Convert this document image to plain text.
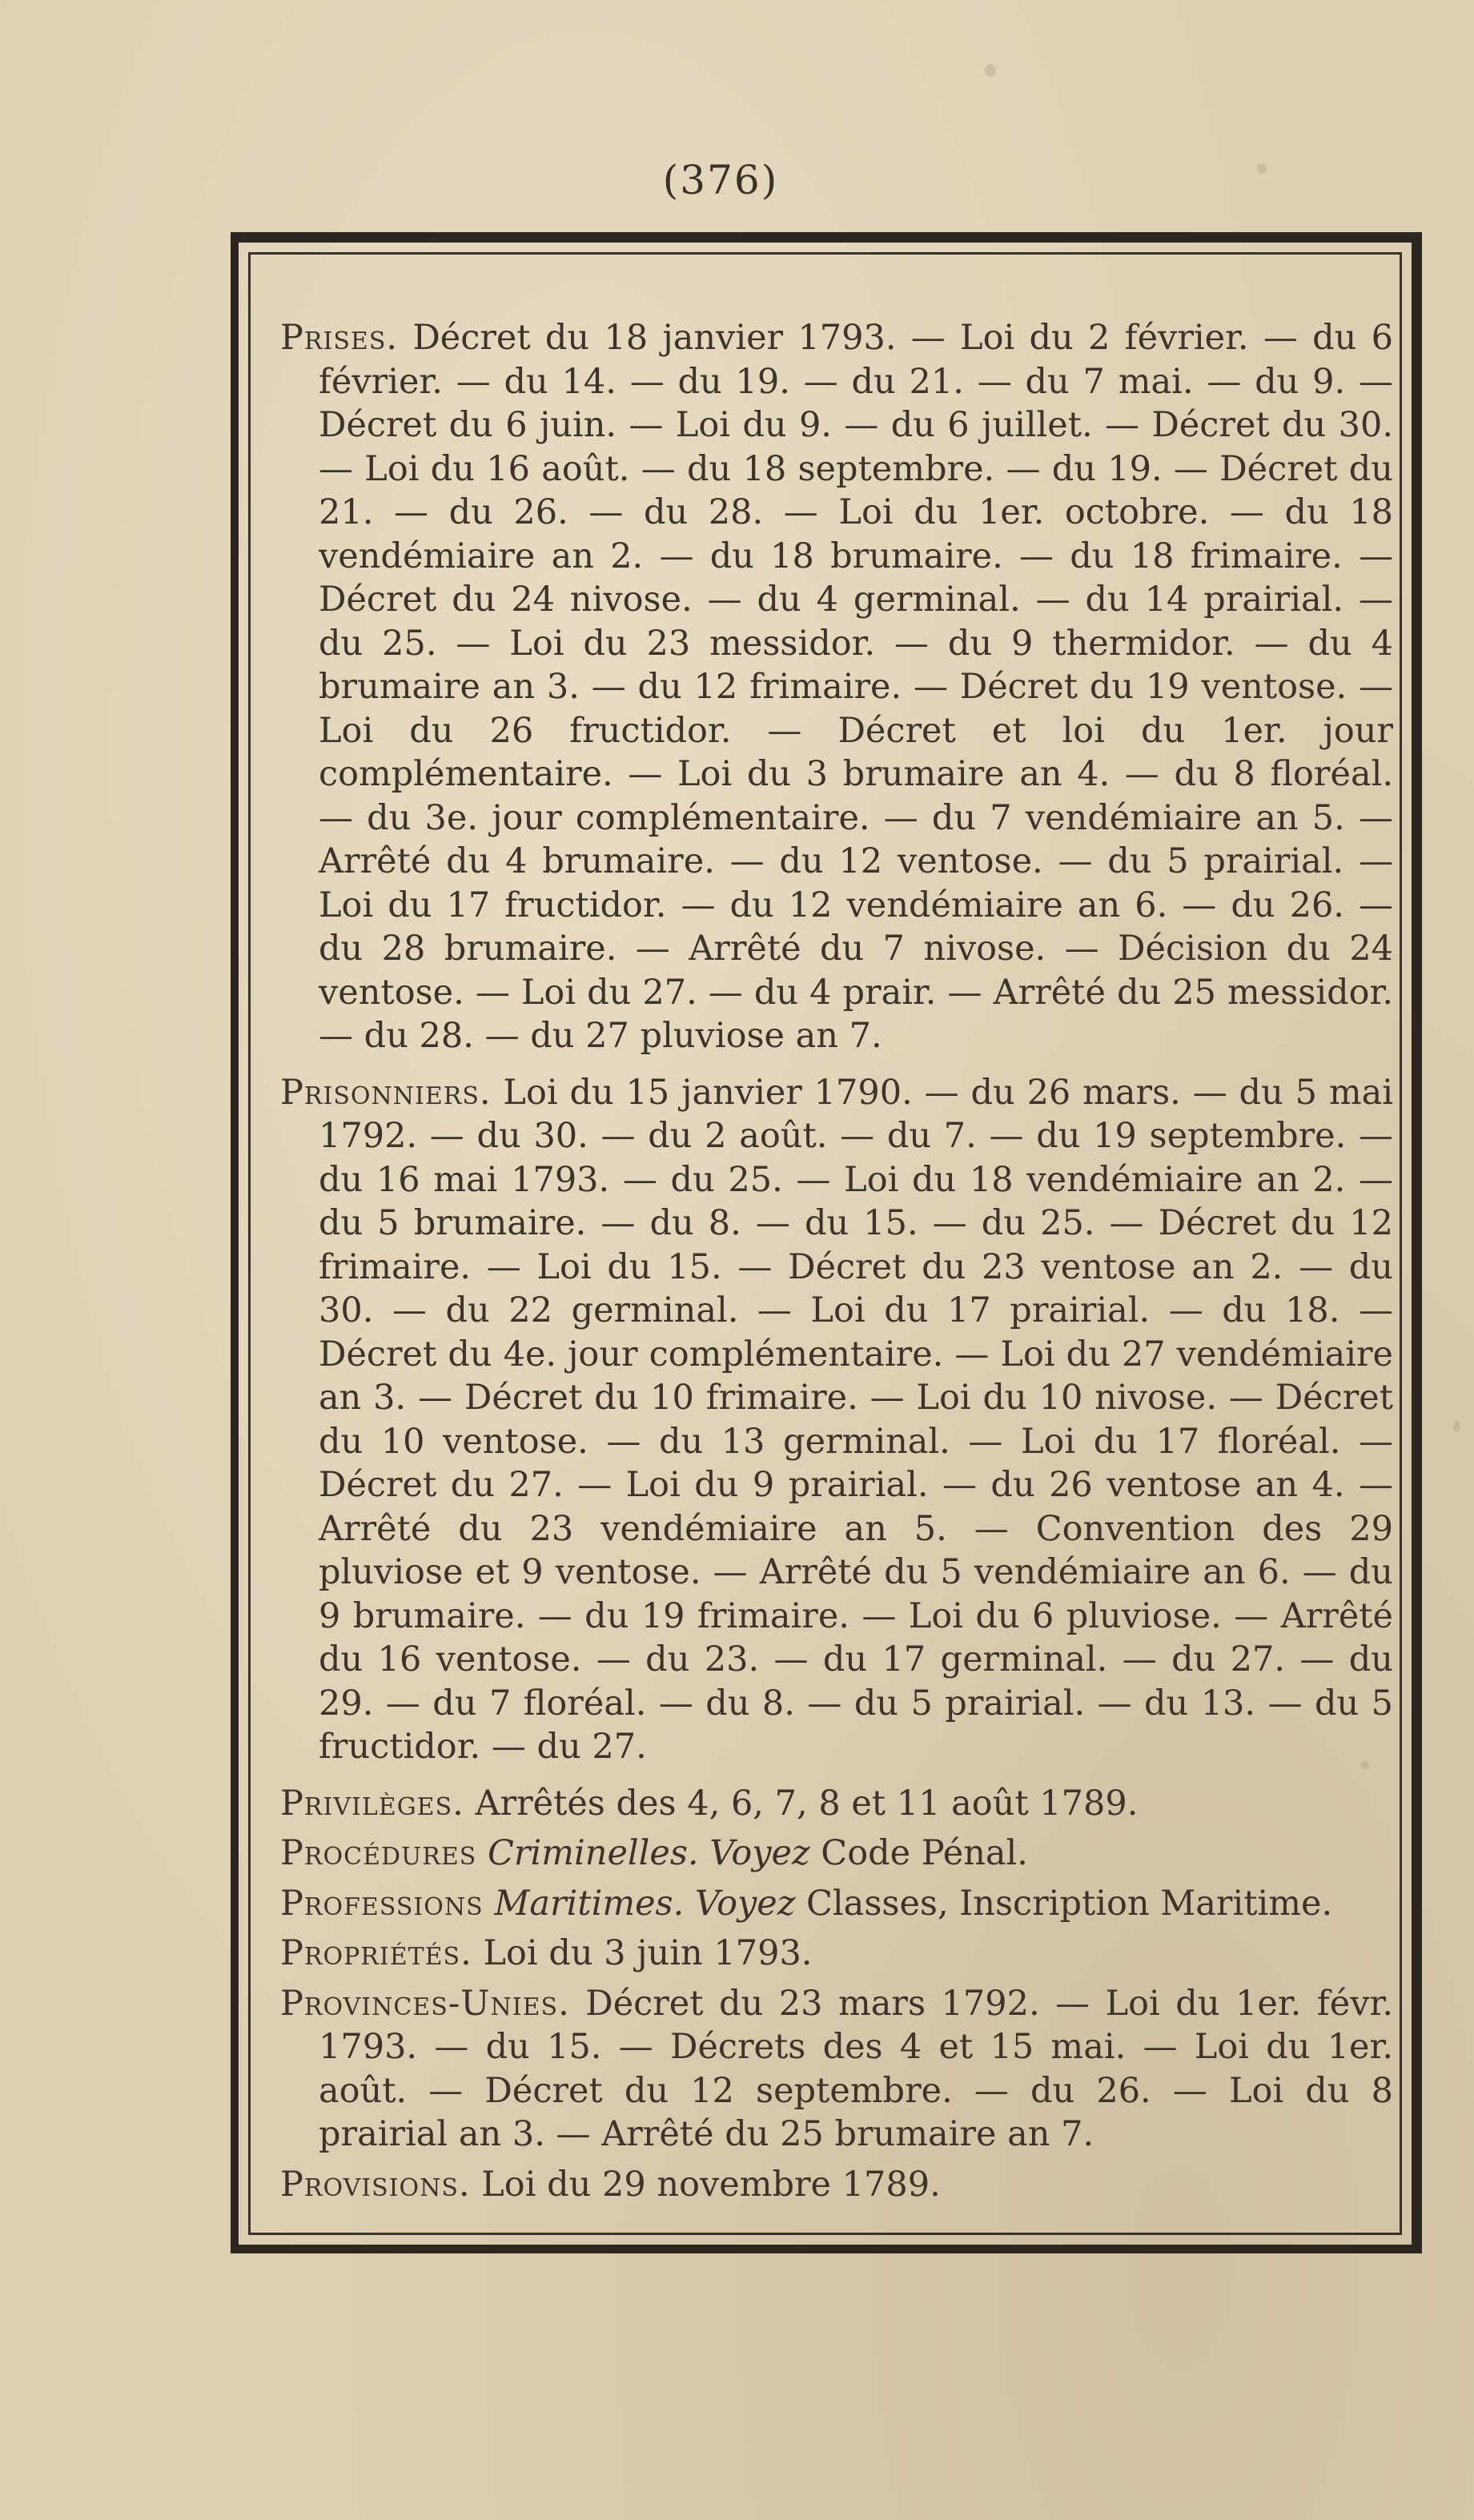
(376)

Prises. Décret du 18 janvier 1793. — Loi du 2 février. — du 6 février. — du 14. — du 19. — du 21. — du 7 mai. — du 9. — Décret du 6 juin. — Loi du 9. — du 6 juillet. — Décret du 30. — Loi du 16 août. — du 18 septembre. — du 19. — Décret du 21. — du 26. — du 28. — Loi du 1er. octobre. — du 18 vendémiaire an 2. — du 18 brumaire. — du 18 frimaire. — Décret du 24 nivose. — du 4 germinal. — du 14 prairial. — du 25. — Loi du 23 messidor. — du 9 thermidor. — du 4 brumaire an 3. — du 12 frimaire. — Décret du 19 ventose. — Loi du 26 fructidor. — Décret et loi du 1er. jour complémentaire. — Loi du 3 brumaire an 4. — du 8 floréal. — du 3e. jour complémentaire. — du 7 vendémiaire an 5. — Arrêté du 4 brumaire. — du 12 ventose. — du 5 prairial. — Loi du 17 fructidor. — du 12 vendémiaire an 6. — du 26. — du 28 brumaire. — Arrêté du 7 nivose. — Décision du 24 ventose. — Loi du 27. — du 4 prair. — Arrêté du 25 messidor. — du 28. — du 27 pluviose an 7.

Prisonniers. Loi du 15 janvier 1790. — du 26 mars. — du 5 mai 1792. — du 30. — du 2 août. — du 7. — du 19 septembre. — du 16 mai 1793. — du 25. — Loi du 18 vendémiaire an 2. — du 5 brumaire. — du 8. — du 15. — du 25. — Décret du 12 frimaire. — Loi du 15. — Décret du 23 ventose an 2. — du 30. — du 22 germinal. — Loi du 17 prairial. — du 18. — Décret du 4e. jour complémentaire. — Loi du 27 vendémiaire an 3. — Décret du 10 frimaire. — Loi du 10 nivose. — Décret du 10 ventose. — du 13 germinal. — Loi du 17 floréal. — Décret du 27. — Loi du 9 prairial. — du 26 ventose an 4. — Arrêté du 23 vendémiaire an 5. — Convention des 29 pluviose et 9 ventose. — Arrêté du 5 vendémiaire an 6. — du 9 brumaire. — du 19 frimaire. — Loi du 6 pluviose. — Arrêté du 16 ventose. — du 23. — du 17 germinal. — du 27. — du 29. — du 7 floréal. — du 8. — du 5 prairial. — du 13. — du 5 fructidor. — du 27.

Privilèges. Arrêtés des 4, 6, 7, 8 et 11 août 1789.

Procédures Criminelles. Voyez Code Pénal.

Professions Maritimes. Voyez Classes, Inscription Maritime.

Propriétés. Loi du 3 juin 1793.

Provinces-Unies. Décret du 23 mars 1792. — Loi du 1er. févr. 1793. — du 15. — Décrets des 4 et 15 mai. — Loi du 1er. août. — Décret du 12 septembre. — du 26. — Loi du 8 prairial an 3. — Arrêté du 25 brumaire an 7.

Provisions. Loi du 29 novembre 1789.
